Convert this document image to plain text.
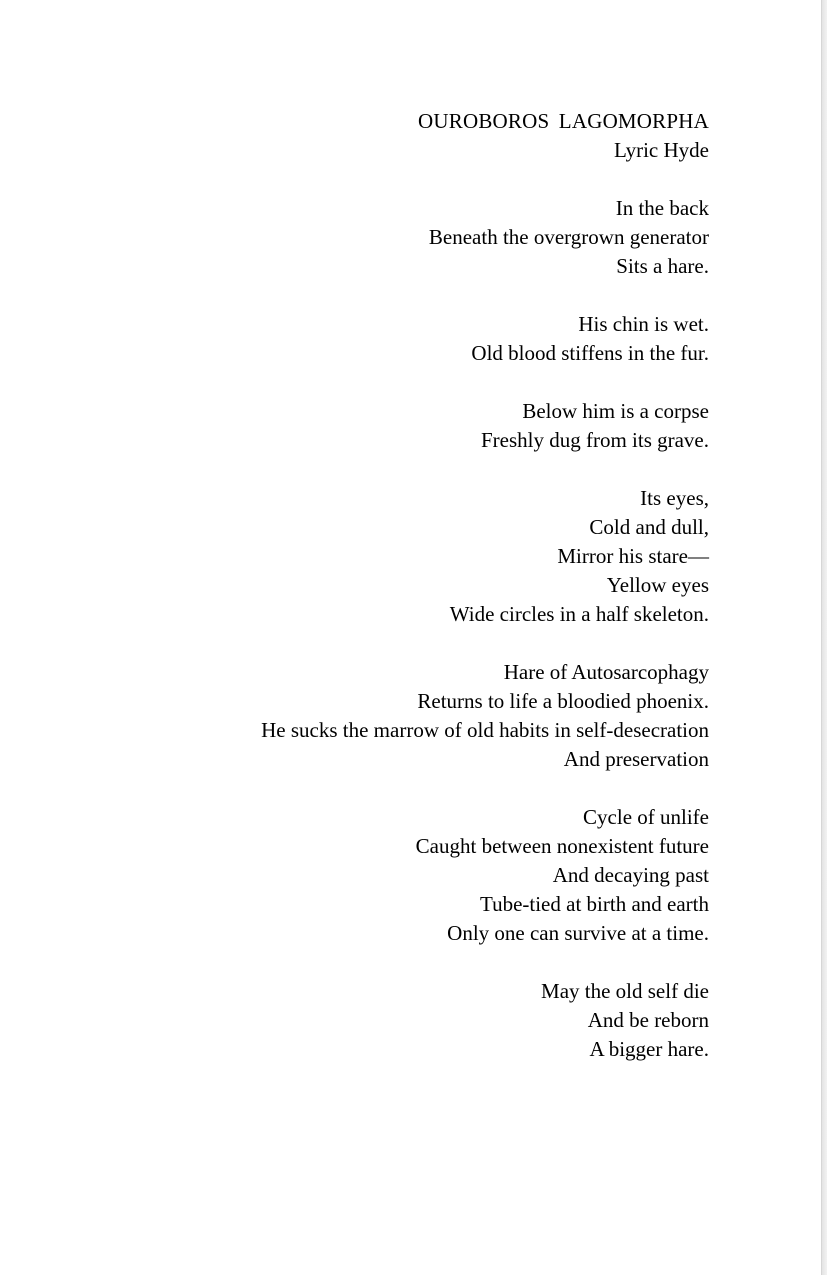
OUROBOROS LAGOMORPHA
Lyric Hyde
In the back
Beneath the overgrown generator
Sits a hare.
His chin is wet.
Old blood stiffens in the fur.
Below him is a corpse
Freshly dug from its grave.
Its eyes,
Cold and dull,
Mirror his stare—
Yellow eyes
Wide circles in a half skeleton.
Hare of Autosarcophagy
Returns to life a bloodied phoenix.
He sucks the marrow of old habits in self-desecration
And preservation
Cycle of unlife
Caught between nonexistent future
And decaying past
Tube-tied at birth and earth
Only one can survive at a time.
May the old self die
And be reborn
A bigger hare.
